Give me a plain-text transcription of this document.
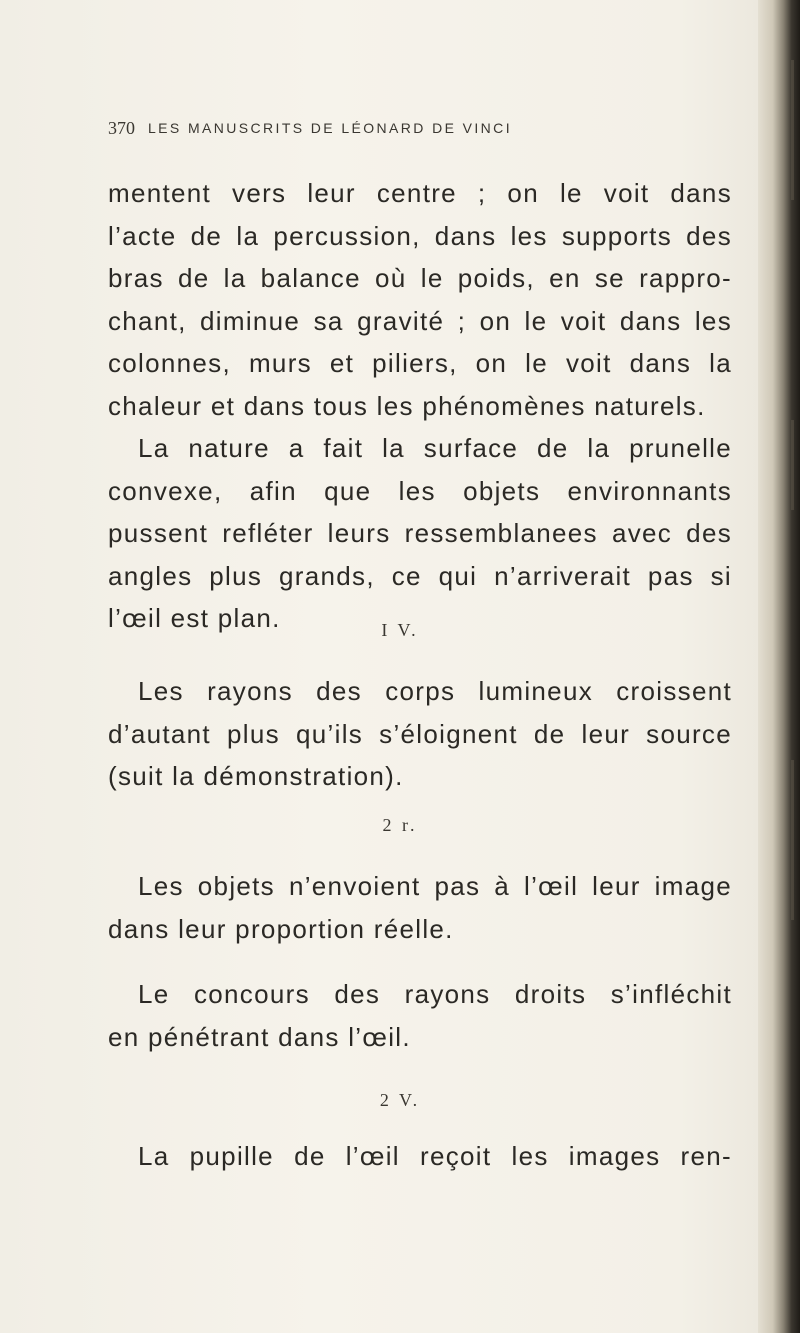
370 LES MANUSCRITS DE LÉONARD DE VINCI
mentent vers leur centre ; on le voit dans
l’acte de la percussion, dans les supports des
bras de la balance où le poids, en se rappro-
chant, diminue sa gravité ; on le voit dans les
colonnes, murs et piliers, on le voit dans la
chaleur et dans tous les phénomènes naturels.
La nature a fait la surface de la prunelle
convexe, afin que les objets environnants
pussent refléter leurs ressemblanees avec des
angles plus grands, ce qui n’arriverait pas si
l’œil est plan.	I V.
Les rayons des corps lumineux croissent
d’autant plus qu’ils s’éloignent de leur source
(suit la démonstration).
2 r.
Les objets n’envoient pas à l’œil leur image
dans leur proportion réelle.
Le concours des rayons droits s’infléchit
en pénétrant dans l’œil.
2 V.
La pupille de l’œil reçoit les images ren-
